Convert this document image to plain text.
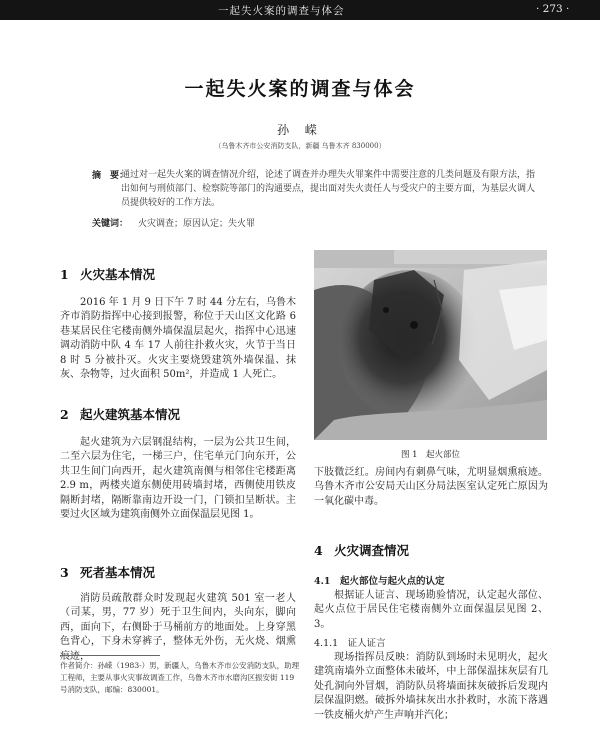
一起失火案的调查与体会	· 273 ·
一起失火案的调查与体会
孙 嵘
（乌鲁木齐市公安消防支队，新疆 乌鲁木齐 830000）
摘　要：
通过对一起失火案的调查情况介绍，论述了调查并办理失火罪案件中需要注意的几类问题及有限方法，指出如何与刑侦部门、检察院等部门的沟通要点，提出面对失火责任人与受灾户的主要方面，为基层火调人员提供较好的工作方法。
关键词： 火灾调查；原因认定；失火罪
1 火灾基本情况
2016 年 1 月 9 日下午 7 时 44 分左右，乌鲁木齐市消防指挥中心接到报警，称位于天山区文化路 6 巷某居民住宅楼南侧外墙保温层起火，指挥中心迅速调动消防中队 4 车 17 人前往扑救火灾，火节于当日 8 时 5 分被扑灭。火灾主要烧毁建筑外墙保温、抹灰、杂物等，过火面积 50m²，并造成 1 人死亡。
2 起火建筑基本情况
起火建筑为六层钢混结构，一层为公共卫生间，二至六层为住宅，一梯三户，住宅单元门向东开，公共卫生间门向西开，起火建筑南侧与相邻住宅楼距离 2.9 m，两楼夹道东侧使用砖墙封堵，西侧使用铁皮隔断封堵，隔断靠南边开设一门，门锁扣呈断状。主要过火区域为建筑南侧外立面保温层见图 1。
3 死者基本情况
消防员疏散群众时发现起火建筑 501 室一老人（司某，男，77 岁）死于卫生间内，头向东，脚向西，面向下，右侧卧于马桶前方的地面处。上身穿黑色背心，下身未穿裤子，整体无外伤，无火烧、烟熏痕迹，
作者简介：孙嵘（1983-）男，新疆人，乌鲁木齐市公安消防支队，助理工程师，主要从事火灾事故调查工作，乌鲁木齐市水磨沟区振安街 119 号消防支队，邮编：830001。
图 1　起火部位
下肢微泛红。房间内有刺鼻气味，尤明显烟熏痕迹。乌鲁木齐市公安局天山区分局法医室认定死亡原因为一氧化碳中毒。
4 火灾调查情况
4.1　起火部位与起火点的认定
根据证人证言、现场勘验情况，认定起火部位、起火点位于居民住宅楼南侧外立面保温层见图 2、3。
4.1.1　证人证言
现场指挥员反映：消防队到场时未见明火，起火建筑南墙外立面整体未破坏，中上部保温抹灰层有几处孔洞向外冒烟，消防队员将墙面抹灰破拆后发现内层保温阴燃。破拆外墙抹灰出水扑救时，水流下落遇一铁皮桶火炉产生声响并汽化；
